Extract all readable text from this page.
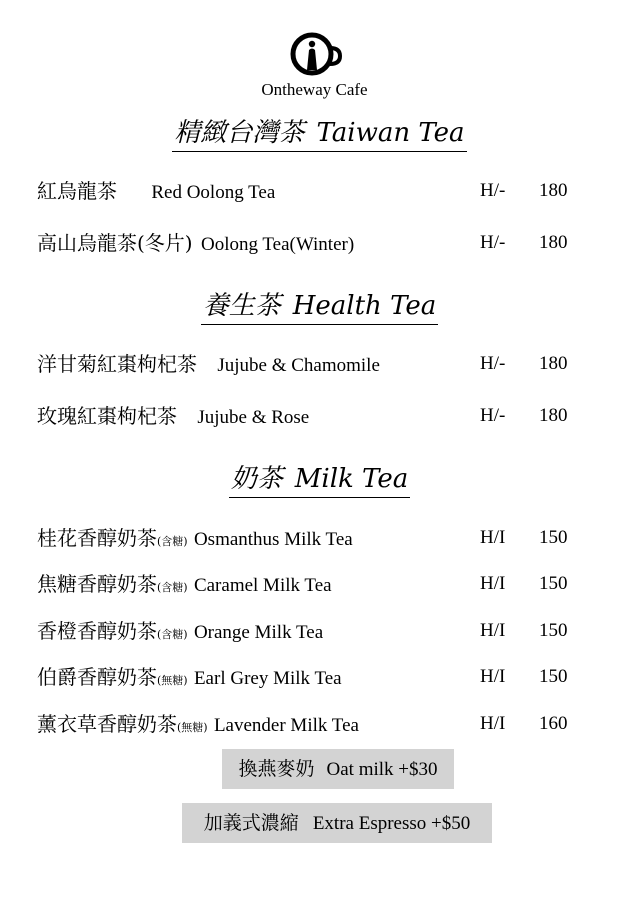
Ontheway Cafe
精緻台灣茶 Taiwan Tea
紅烏龍茶 Red Oolong Tea	H/- 180
高山烏龍茶(冬片) Oolong Tea(Winter)	H/- 180
養生茶 Health Tea
洋甘菊紅棗枸杞茶 Jujube & Chamomile	H/- 180
玫瑰紅棗枸杞茶 Jujube & Rose	H/- 180
奶茶 Milk Tea
桂花香醇奶茶(含糖) Osmanthus Milk Tea	H/I 150
焦糖香醇奶茶(含糖) Caramel Milk Tea	H/I 150
香橙香醇奶茶(含糖) Orange Milk Tea	H/I 150
伯爵香醇奶茶(無糖) Earl Grey Milk Tea	H/I 150
薰衣草香醇奶茶(無糖) Lavender Milk Tea	H/I 160
換燕麥奶 Oat milk +$30
加義式濃縮 Extra Espresso +$50
